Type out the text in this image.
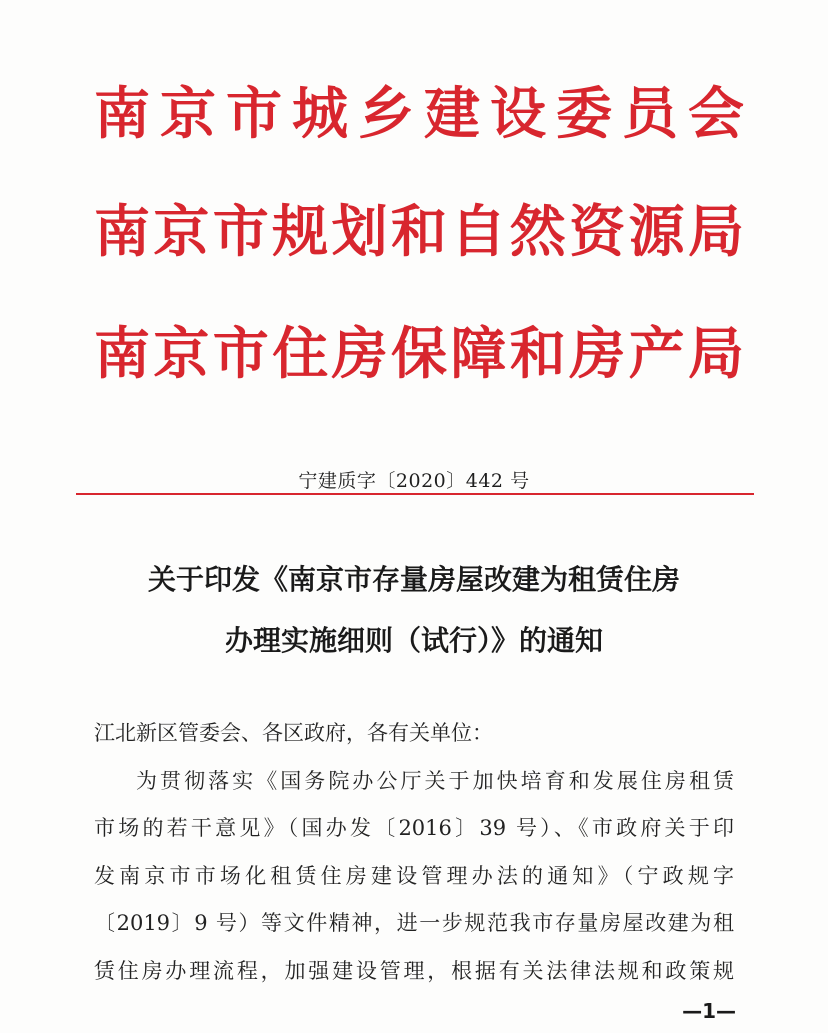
南京市城乡建设委员会
南京市规划和自然资源局
南京市住房保障和房产局
宁建质字〔2020〕442 号
关于印发《南京市存量房屋改建为租赁住房
办理实施细则（试行）》的通知
江北新区管委会、各区政府，各有关单位：
为贯彻落实《国务院办公厅关于加快培育和发展住房租赁
市场的若干意见》（国办发〔2016〕39 号）、《市政府关于印
发南京市市场化租赁住房建设管理办法的通知》（宁政规字
〔2019〕9 号）等文件精神，进一步规范我市存量房屋改建为租
赁住房办理流程，加强建设管理，根据有关法律法规和政策规
—1—
